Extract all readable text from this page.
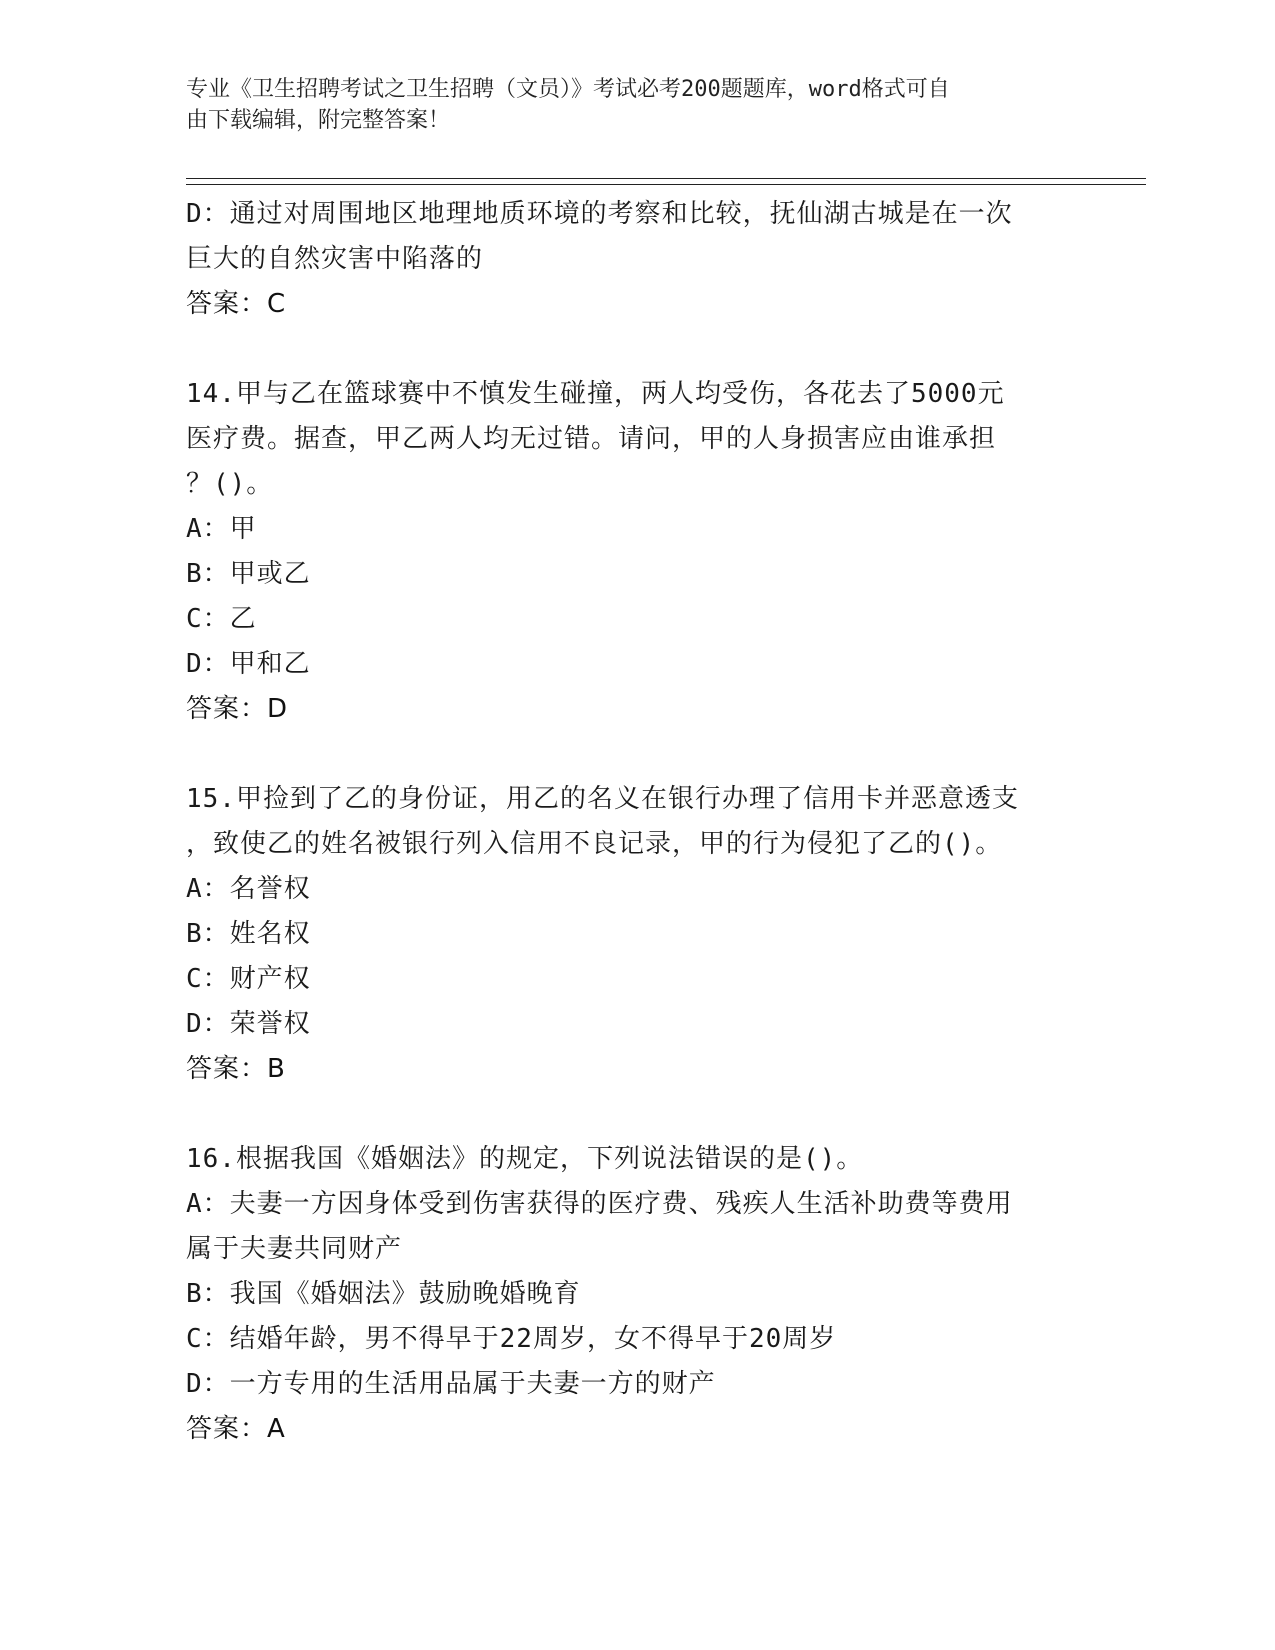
专业《卫生招聘考试之卫生招聘（文员）》考试必考200题题库，word格式可自
由下载编辑，附完整答案！
D：通过对周围地区地理地质环境的考察和比较，抚仙湖古城是在一次
巨大的自然灾害中陷落的
答案：C
14.甲与乙在篮球赛中不慎发生碰撞，两人均受伤，各花去了5000元
医疗费。据查，甲乙两人均无过错。请问，甲的人身损害应由谁承担
？()。
A：甲
B：甲或乙
C：乙
D：甲和乙
答案：D
15.甲捡到了乙的身份证，用乙的名义在银行办理了信用卡并恶意透支
，致使乙的姓名被银行列入信用不良记录，甲的行为侵犯了乙的()。
A：名誉权
B：姓名权
C：财产权
D：荣誉权
答案：B
16.根据我国《婚姻法》的规定，下列说法错误的是()。
A：夫妻一方因身体受到伤害获得的医疗费、残疾人生活补助费等费用
属于夫妻共同财产
B：我国《婚姻法》鼓励晚婚晚育
C：结婚年龄，男不得早于22周岁，女不得早于20周岁
D：一方专用的生活用品属于夫妻一方的财产
答案：A
